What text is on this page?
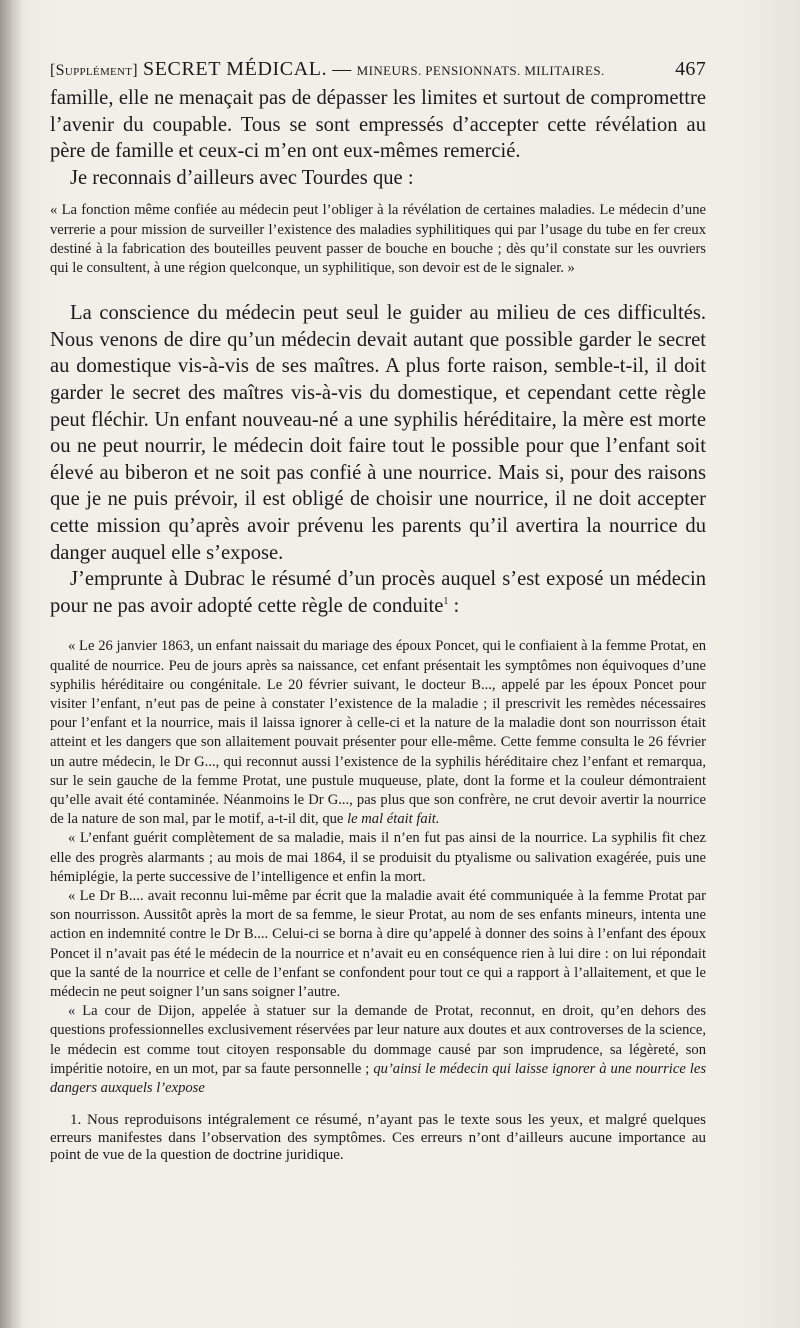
[Supplément] SECRET MÉDICAL. — MINEURS. PENSIONNATS. MILITAIRES.	467

famille, elle ne menaçait pas de dépasser les limites et surtout de compromettre l’avenir du coupable. Tous se sont empressés d’accepter cette révélation au père de famille et ceux-ci m’en ont eux-mêmes remercié.

Je reconnais d’ailleurs avec Tourdes que :

« La fonction même confiée au médecin peut l’obliger à la révélation de certaines maladies. Le médecin d’une verrerie a pour mission de surveiller l’existence des maladies syphilitiques qui par l’usage du tube en fer creux destiné à la fabrication des bouteilles peuvent passer de bouche en bouche ; dès qu’il constate sur les ouvriers qui le consultent, à une région quelconque, un syphilitique, son devoir est de le signaler. »

La conscience du médecin peut seul le guider au milieu de ces difficultés. Nous venons de dire qu’un médecin devait autant que possible garder le secret au domestique vis-à-vis de ses maîtres. A plus forte raison, semble-t-il, il doit garder le secret des maîtres vis-à-vis du domestique, et cependant cette règle peut fléchir. Un enfant nouveau-né a une syphilis héréditaire, la mère est morte ou ne peut nourrir, le médecin doit faire tout le possible pour que l’enfant soit élevé au biberon et ne soit pas confié à une nourrice. Mais si, pour des raisons que je ne puis prévoir, il est obligé de choisir une nourrice, il ne doit accepter cette mission qu’après avoir prévenu les parents qu’il avertira la nourrice du danger auquel elle s’expose.

J’emprunte à Dubrac le résumé d’un procès auquel s’est exposé un médecin pour ne pas avoir adopté cette règle de conduite$^1$ :

« Le 26 janvier 1863, un enfant naissait du mariage des époux Poncet, qui le confiaient à la femme Protat, en qualité de nourrice. Peu de jours après sa naissance, cet enfant présentait les symptômes non équivoques d’une syphilis héréditaire ou congénitale. Le 20 février suivant, le docteur B..., appelé par les époux Poncet pour visiter l’enfant, n’eut pas de peine à constater l’existence de la maladie ; il prescrivit les remèdes nécessaires pour l’enfant et la nourrice, mais il laissa ignorer à celle-ci et la nature de la maladie dont son nourrisson était atteint et les dangers que son allaitement pouvait présenter pour elle-même. Cette femme consulta le 26 février un autre médecin, le Dr G..., qui reconnut aussi l’existence de la syphilis héréditaire chez l’enfant et remarqua, sur le sein gauche de la femme Protat, une pustule muqueuse, plate, dont la forme et la couleur démontraient qu’elle avait été contaminée. Néanmoins le Dr G..., pas plus que son confrère, ne crut devoir avertir la nourrice de la nature de son mal, par le motif, a-t-il dit, que le mal était fait.

« L’enfant guérit complètement de sa maladie, mais il n’en fut pas ainsi de la nourrice. La syphilis fit chez elle des progrès alarmants ; au mois de mai 1864, il se produisit du ptyalisme ou salivation exagérée, puis une hémiplégie, la perte successive de l’intelligence et enfin la mort.

« Le Dr B.... avait reconnu lui-même par écrit que la maladie avait été communiquée à la femme Protat par son nourrisson. Aussitôt après la mort de sa femme, le sieur Protat, au nom de ses enfants mineurs, intenta une action en indemnité contre le Dr B.... Celui-ci se borna à dire qu’appelé à donner des soins à l’enfant des époux Poncet il n’avait pas été le médecin de la nourrice et n’avait eu en conséquence rien à lui dire : on lui répondait que la santé de la nourrice et celle de l’enfant se confondent pour tout ce qui a rapport à l’allaitement, et que le médecin ne peut soigner l’un sans soigner l’autre.

« La cour de Dijon, appelée à statuer sur la demande de Protat, reconnut, en droit, qu’en dehors des questions professionnelles exclusivement réservées par leur nature aux doutes et aux controverses de la science, le médecin est comme tout citoyen responsable du dommage causé par son imprudence, sa légèreté, son impéritie notoire, en un mot, par sa faute personnelle ; qu’ainsi le médecin qui laisse ignorer à une nourrice les dangers auxquels l’expose

1. Nous reproduisons intégralement ce résumé, n’ayant pas le texte sous les yeux, et malgré quelques erreurs manifestes dans l’observation des symptômes. Ces erreurs n’ont d’ailleurs aucune importance au point de vue de la question de doctrine juridique.
